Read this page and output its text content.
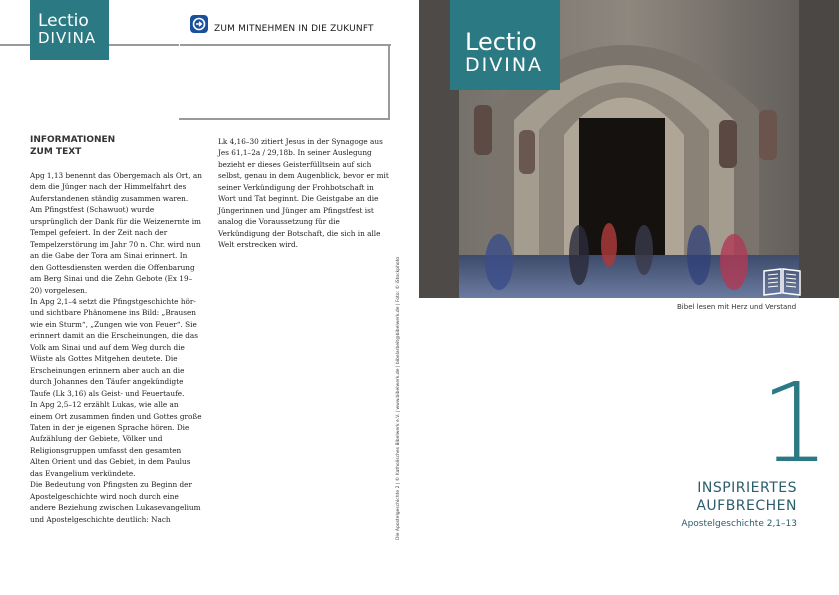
Lectio
DIVINA	ZUM MITNEHMEN IN DIE ZUKUNFT
INFORMATIONEN
ZUM TEXT

Apg 1,13 benennt das Obergemach als Ort, an dem die Jünger nach der Himmelfahrt des Auferstandenen ständig zusammen waren. Am Pfingstfest (Schawuot) wurde ursprünglich der Dank für die Weizenernte im Tempel gefeiert. In der Zeit nach der Tempelzerstörung im Jahr 70 n. Chr. wird nun an die Gabe der Tora am Sinai erinnert. In den Gottesdiensten werden die Offenbarung am Berg Sinai und die Zehn Gebote (Ex 19–20) vorgelesen.

In Apg 2,1–4 setzt die Pfingstgeschichte hör- und sichtbare Phänomene ins Bild: „Brausen wie ein Sturm“, „Zungen wie von Feuer“. Sie erinnert damit an die Erscheinungen, die das Volk am Sinai und auf dem Weg durch die Wüste als Gottes Mitgehen deutete. Die Erscheinungen erinnern aber auch an die durch Johannes den Täufer angekündigte Taufe (Lk 3,16) als Geist- und Feuertaufe.

In Apg 2,5–12 erzählt Lukas, wie alle an einem Ort zusammen finden und Gottes große Taten in der je eigenen Sprache hören. Die Aufzählung der Gebiete, Völker und Religionsgruppen umfasst den gesamten Alten Orient und das Gebiet, in dem Paulus das Evangelium verkündete.

Die Bedeutung von Pfingsten zu Beginn der Apostelgeschichte wird noch durch eine andere Beziehung zwischen Lukasevangelium und Apostelgeschichte deutlich: Nach

Lk 4,16–30 zitiert Jesus in der Synagoge aus Jes 61,1–2a / 29,18b. In seiner Auslegung bezieht er dieses Geisterfülltsein auf sich selbst, genau in dem Augenblick, bevor er mit seiner Verkündigung der Frohbotschaft in Wort und Tat beginnt. Die Geistgabe an die Jüngerinnen und Jünger am Pfingstfest ist analog die Voraussetzung für die Verkündigung der Botschaft, die sich in alle Welt erstrecken wird.

Die Apostelgeschichte 2 | © Katholisches Bibelwerk e.V. | www.bibelwerk.de | bibelarbeit@bibelwerk.de | Foto: © iStockphoto
Lectio
DIVINA
Bibel lesen mit Herz und Verstand
1
INSPIRIERTES
AUFBRECHEN
Apostelgeschichte 2,1–13
